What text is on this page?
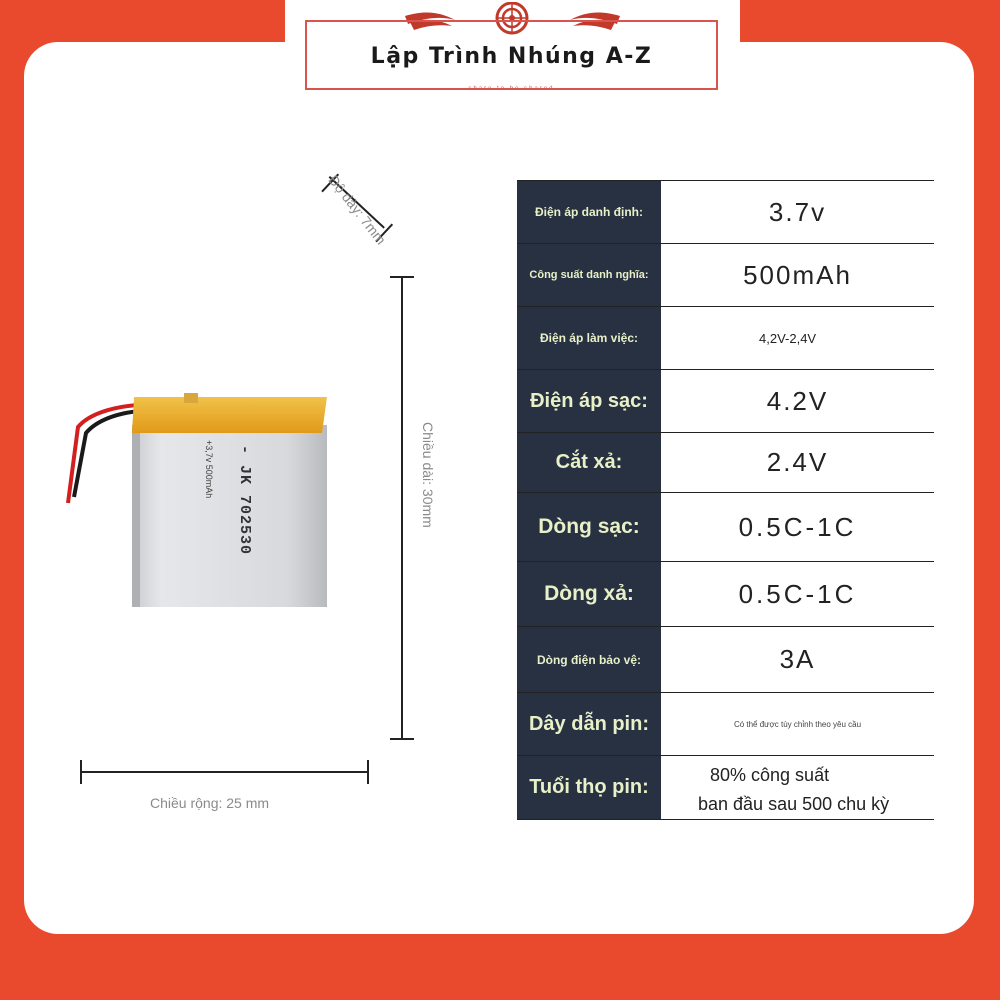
Lập Trình Nhúng A-Z
share to be shared
Độ dày: 7mm
Chiều dài: 30mm
Chiều rộng: 25 mm
- JK 702530
+3,7v 500mAh
Điện áp danh định:	3.7v
Công suất danh nghĩa:	500mAh
Điện áp làm việc:	4,2V-2,4V
Điện áp sạc:	4.2V
Cắt xả:	2.4V
Dòng sạc:	0.5C-1C
Dòng xả:	0.5C-1C
Dòng điện bảo vệ:	3A
Dây dẫn pin:	Có thể được tùy chỉnh theo yêu cầu
Tuổi thọ pin:
80% công suất
ban đầu sau 500 chu kỳ
